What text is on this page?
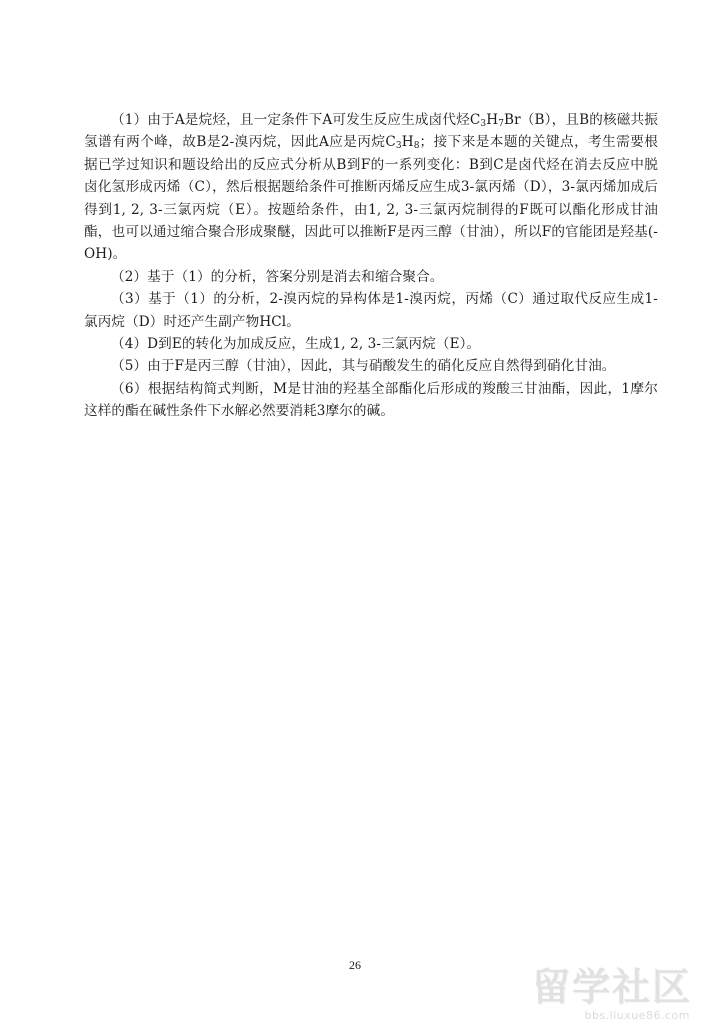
（1）由于A是烷烃，且一定条件下A可发生反应生成卤代烃$C_3H_7Br(B)$，且B的核磁共振氢谱有两个峰，故B是2-溴丙烷，因此A应是丙烷$C_3H_8$；接下来是本题的关键点，考生需要根据已学过知识和题设给出的反应式分析从B到F的一系列变化：B到C是卤代烃在消去反应中脱卤化氢形成丙烯（C），然后根据题给条件可推断丙烯反应生成3-氯丙烯（D），3-氯丙烯加成后得到1, 2, 3-三氯丙烷（E）。按题给条件，由1, 2, 3-三氯丙烷制得的F既可以酯化形成甘油酯，也可以通过缩合聚合形成聚醚，因此可以推断F是丙三醇（甘油），所以F的官能团是羟基(-OH)。

（2）基于（1）的分析，答案分别是消去和缩合聚合。

（3）基于（1）的分析，2-溴丙烷的异构体是1-溴丙烷，丙烯（C）通过取代反应生成1-氯丙烷（D）时还产生副产物HCl。

（4）D到E的转化为加成反应，生成1, 2, 3-三氯丙烷（E）。

（5）由于F是丙三醇（甘油），因此，其与硝酸发生的硝化反应自然得到硝化甘油。

（6）根据结构简式判断，M是甘油的羟基全部酯化后形成的羧酸三甘油酯，因此，1摩尔这样的酯在碱性条件下水解必然要消耗3摩尔的碱。

26	留学社区
bbs.liuxue86.com
